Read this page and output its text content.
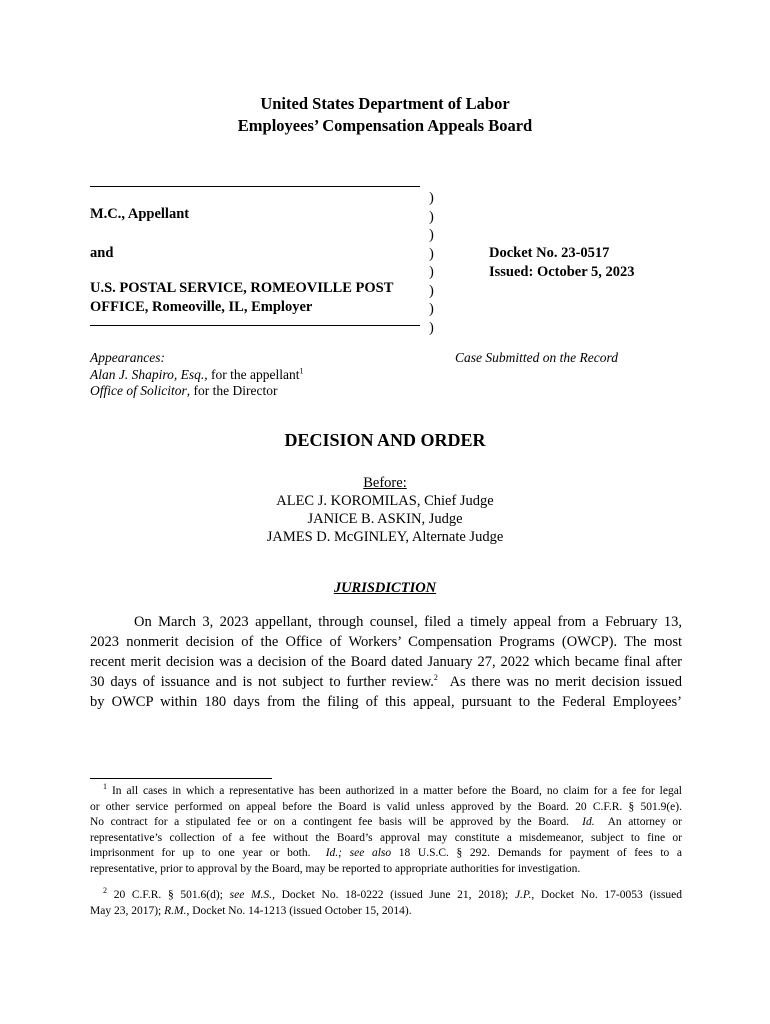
United States Department of Labor
Employees’ Compensation Appeals Board
)
)
)
)
)
)
)
)
M.C., Appellant
and
U.S. POSTAL SERVICE, ROMEOVILLE POST
OFFICE, Romeoville, IL, Employer
Docket No. 23-0517
Issued: October 5, 2023
Appearances:
Alan J. Shapiro, Esq., for the appellant$^1$
Office of Solicitor, for the Director
Case Submitted on the Record
DECISION AND ORDER
Before:
ALEC J. KOROMILAS, Chief Judge
JANICE B. ASKIN, Judge
JAMES D. McGINLEY, Alternate Judge
JURISDICTION
On March 3, 2023 appellant, through counsel, filed a timely appeal from a February 13,
2023 nonmerit decision of the Office of Workers’ Compensation Programs (OWCP). The most
recent merit decision was a decision of the Board dated January 27, 2022 which became final after
30 days of issuance and is not subject to further review.$^2$ As there was no merit decision issued
by OWCP within 180 days from the filing of this appeal, pursuant to the Federal Employees’
$^1$ In all cases in which a representative has been authorized in a matter before the Board, no claim for a fee for legal
or other service performed on appeal before the Board is valid unless approved by the Board. 20 C.F.R. § 501.9(e).
No contract for a stipulated fee or on a contingent fee basis will be approved by the Board. Id. An attorney or
representative’s collection of a fee without the Board’s approval may constitute a misdemeanor, subject to fine or
imprisonment for up to one year or both. Id.; see also 18 U.S.C. § 292. Demands for payment of fees to a
representative, prior to approval by the Board, may be reported to appropriate authorities for investigation.
$^2$ 20 C.F.R. § 501.6(d); see M.S., Docket No. 18-0222 (issued June 21, 2018); J.P., Docket No. 17-0053 (issued
May 23, 2017); R.M., Docket No. 14-1213 (issued October 15, 2014).
